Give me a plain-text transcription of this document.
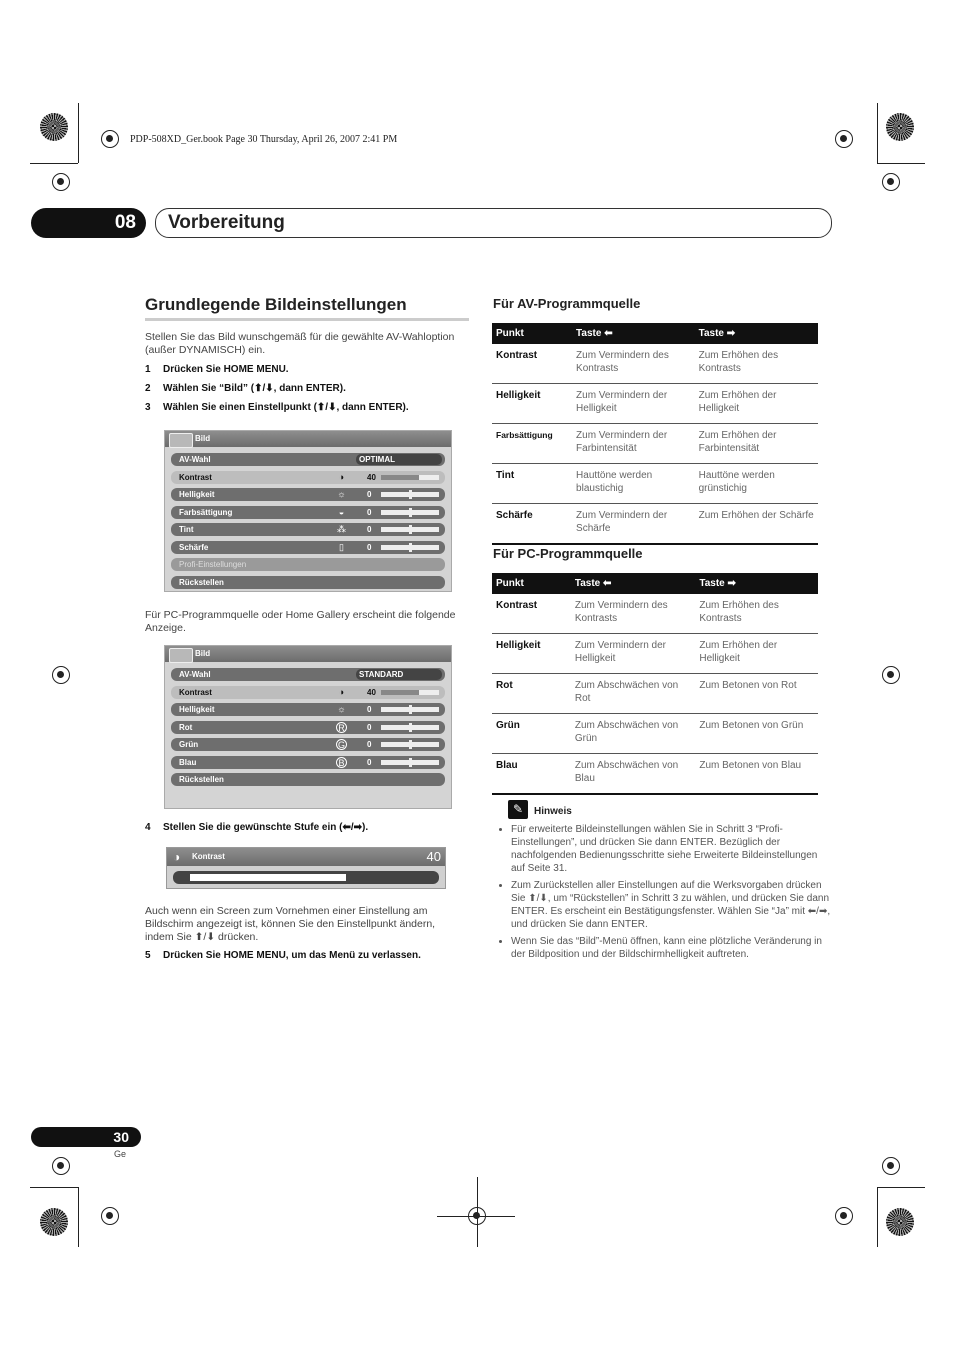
PDP-508XD_Ger.book Page 30 Thursday, April 26, 2007 2:41 PM
08	Vorbereitung
Grundlegende Bildeinstellungen
Stellen Sie das Bild wunschgemäß für die gewählte AV-Wahloption (außer DYNAMISCH) ein.
1 Drücken Sie HOME MENU.
2 Wählen Sie “Bild” (⬆/⬇, dann ENTER).
3 Wählen Sie einen Einstellpunkt (⬆/⬇, dann ENTER).
Bild
AV-Wahl	OPTIMAL
Kontrast	◑	40
Helligkeit	☼	0
Farbsättigung	◒	0
Tint	⁂	0
Schärfe	▯	0
Profi-Einstellungen
Rückstellen
Für PC-Programmquelle oder Home Gallery erscheint die folgende Anzeige.
Bild
AV-Wahl	STANDARD
Kontrast	◑	40
Helligkeit	☼	0
Rot	R	0
Grün	G	0
Blau	B	0
Rückstellen
4 Stellen Sie die gewünschte Stufe ein (⬅/➡).
◑ Kontrast	40
Auch wenn ein Screen zum Vornehmen einer Einstellung am Bildschirm angezeigt ist, können Sie den Einstellpunkt ändern, indem Sie ⬆/⬇ drücken.
5 Drücken Sie HOME MENU, um das Menü zu verlassen.
Für AV-Programmquelle
Punkt	Taste ⬅	Taste ➡
Kontrast	Zum Vermindern des Kontrasts	Zum Erhöhen des Kontrasts
Helligkeit	Zum Vermindern der Helligkeit	Zum Erhöhen der Helligkeit
Farbsättigung	Zum Vermindern der Farbintensität	Zum Erhöhen der Farbintensität
Tint	Hauttöne werden blaustichig	Hauttöne werden grünstichig
Schärfe	Zum Vermindern der Schärfe	Zum Erhöhen der Schärfe
Für PC-Programmquelle
Punkt	Taste ⬅	Taste ➡
Kontrast	Zum Vermindern des Kontrasts	Zum Erhöhen des Kontrasts
Helligkeit	Zum Vermindern der Helligkeit	Zum Erhöhen der Helligkeit
Rot	Zum Abschwächen von Rot	Zum Betonen von Rot
Grün	Zum Abschwächen von Grün	Zum Betonen von Grün
Blau	Zum Abschwächen von Blau	Zum Betonen von Blau
✎	Hinweis
• Für erweiterte Bildeinstellungen wählen Sie in Schritt 3 “Profi-Einstellungen”, und drücken Sie dann ENTER. Bezüglich der nachfolgenden Bedienungsschritte siehe Erweiterte Bildeinstellungen auf Seite 31.
• Zum Zurückstellen aller Einstellungen auf die Werksvorgaben drücken Sie ⬆/⬇, um “Rückstellen” in Schritt 3 zu wählen, und drücken Sie dann ENTER. Es erscheint ein Bestätigungsfenster. Wählen Sie “Ja” mit ⬅/➡, und drücken Sie dann ENTER.
• Wenn Sie das “Bild”-Menü öffnen, kann eine plötzliche Veränderung in der Bildposition und der Bildschirmhelligkeit auftreten.
30
Ge
